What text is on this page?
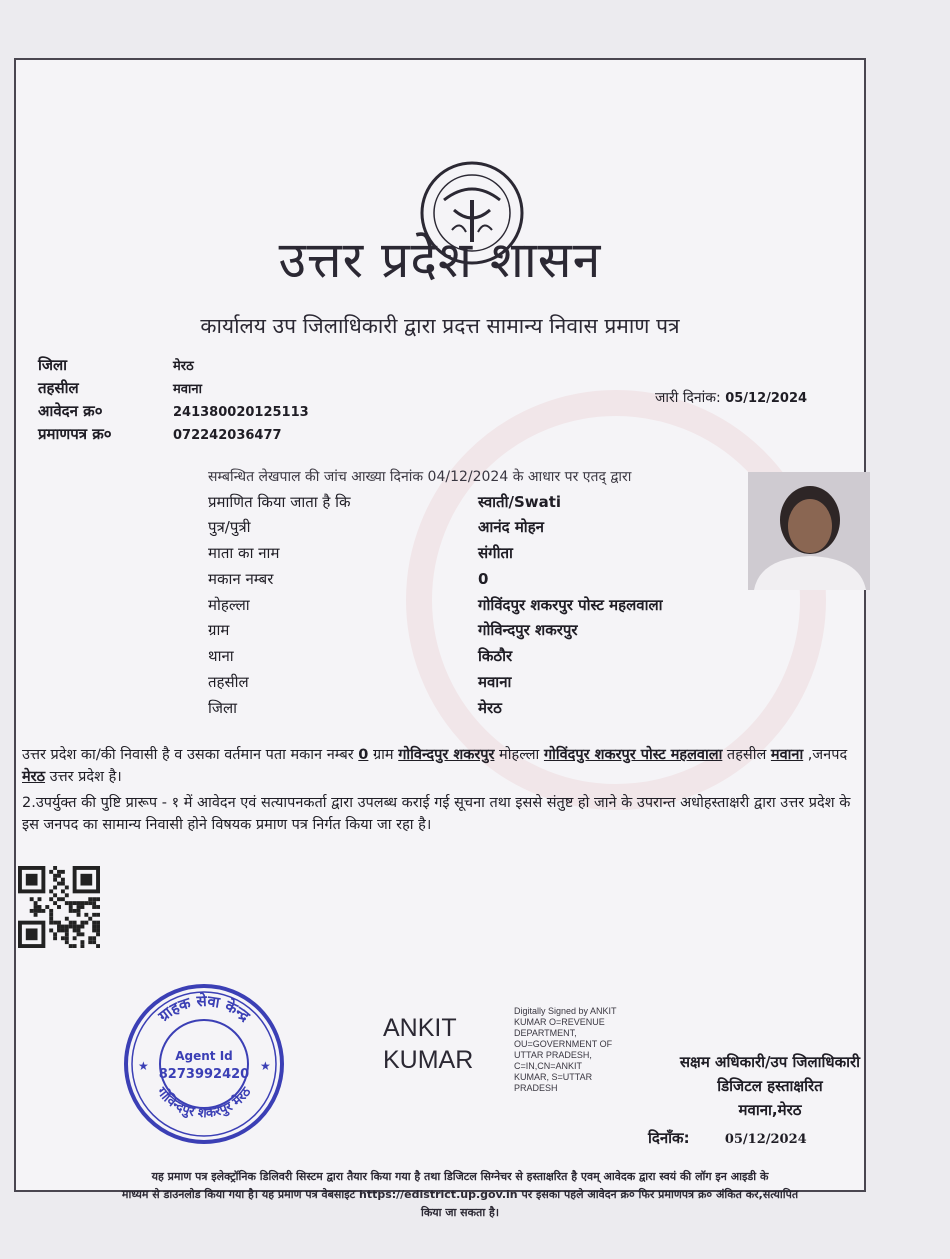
उत्तर प्रदेश शासन
कार्यालय उप जिलाधिकारी द्वारा प्रदत्त सामान्य निवास प्रमाण पत्र
जिला	मेरठ
तहसील	मवाना
आवेदन क्र०	241380020125113
प्रमाणपत्र क्र०	072242036477
जारी दिनांक: 05/12/2024
सम्बन्धित लेखपाल की जांच आख्या दिनांक 04/12/2024 के आधार पर एतद् द्वारा
प्रमाणित किया जाता है कि	स्वाती/Swati
पुत्र/पुत्री	आनंद मोहन
माता का नाम	संगीता
मकान नम्बर	0
मोहल्ला	गोविंदपुर शकरपुर पोस्ट महलवाला
ग्राम	गोविन्दपुर शकरपुर
थाना	किठौर
तहसील	मवाना
जिला	मेरठ
उत्तर प्रदेश का/की निवासी है व उसका वर्तमान पता मकान नम्बर 0 ग्राम गोविन्दपुर शकरपुर मोहल्ला गोविंदपुर शकरपुर पोस्ट महलवाला तहसील मवाना ,जनपद मेरठ उत्तर प्रदेश है।
2.उपर्युक्त की पुष्टि प्रारूप - १ में आवेदन एवं सत्यापनकर्ता द्वारा उपलब्ध कराई गई सूचना तथा इससे संतुष्ट हो जाने के उपरान्त अधोहस्ताक्षरी द्वारा उत्तर प्रदेश के इस जनपद का सामान्य निवासी होने विषयक प्रमाण पत्र निर्गत किया जा रहा है।
ग्राहक सेवा केन्द्र
गोविन्दपुर शकरपुर मेरठ
Agent Id
8273992420
★	★
ANKIT
KUMAR
Digitally Signed by ANKIT
KUMAR O=REVENUE
DEPARTMENT,
OU=GOVERNMENT OF
UTTAR PRADESH,
C=IN,CN=ANKIT
KUMAR, S=UTTAR
PRADESH
सक्षम अधिकारी/उप जिलाधिकारी
डिजिटल हस्ताक्षरित
मवाना,मेरठ
दिनाँक:	05/12/2024
यह प्रमाण पत्र इलेक्ट्रॉनिक डिलिवरी सिस्टम द्वारा तैयार किया गया है तथा डिजिटल सिग्नेचर से हस्ताक्षरित है एवम् आवेदक द्वारा स्वयं की लॉग इन आइडी के
माध्यम से डाउनलोड किया गया है। यह प्रमाण पत्र वेबसाइट https://edistrict.up.gov.in पर इसका पहले आवेदन क्र० फिर प्रमाणपत्र क्र० अंकित कर,सत्यापित
किया जा सकता है।
